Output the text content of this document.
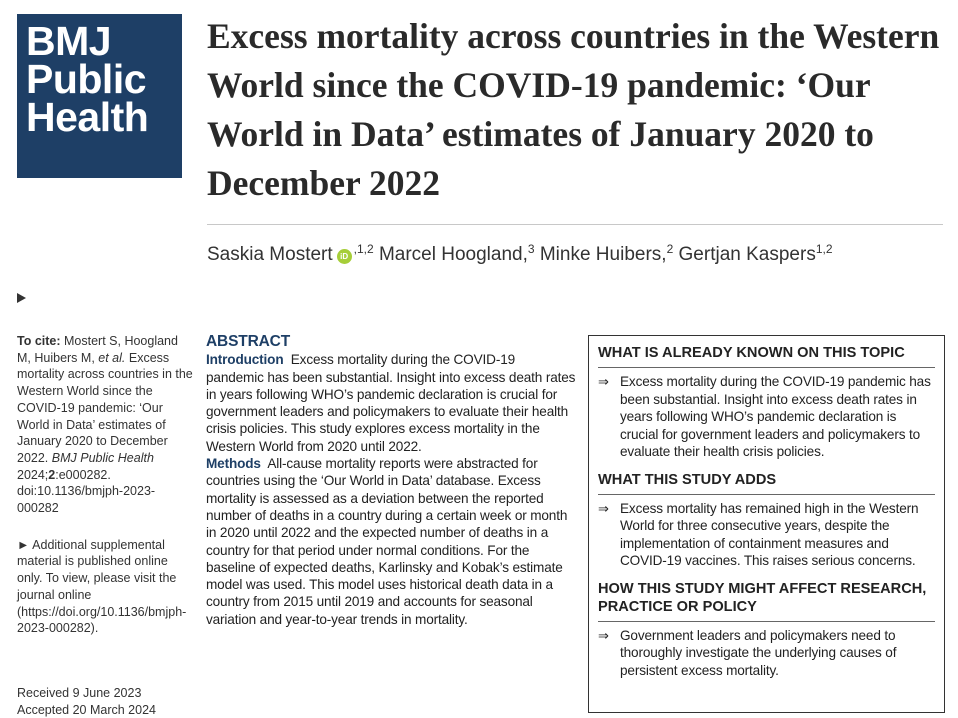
BMJ
Public
Health
Excess mortality across countries in the Western World since the COVID-19 pandemic: ‘Our World in Data’ estimates of January 2020 to December 2022
Saskia Mostert $iD^{,1,2}$ Marcel Hoogland,$^3$ Minke Huibers,$^2$ Gertjan Kaspers$^{1,2}$

To cite: Mostert S, Hoogland M, Huibers M, et al. Excess mortality across countries in the Western World since the COVID-19 pandemic: ‘Our World in Data’ estimates of January 2020 to December 2022. BMJ Public Health 2024;2:e000282. doi:10.1136/bmjph-2023-000282

► Additional supplemental material is published online only. To view, please visit the journal online (https://doi.org/10.1136/bmjph-2023-000282).

Received 9 June 2023
Accepted 20 March 2024

ABSTRACT

Introduction Excess mortality during the COVID-19 pandemic has been substantial. Insight into excess death rates in years following WHO’s pandemic declaration is crucial for government leaders and policymakers to evaluate their health crisis policies. This study explores excess mortality in the Western World from 2020 until 2022.

Methods All-cause mortality reports were abstracted for countries using the ‘Our World in Data’ database. Excess mortality is assessed as a deviation between the reported number of deaths in a country during a certain week or month in 2020 until 2022 and the expected number of deaths in a country for that period under normal conditions. For the baseline of expected deaths, Karlinsky and Kobak’s estimate model was used. This model uses historical death data in a country from 2015 until 2019 and accounts for seasonal variation and year-to-year trends in mortality.

WHAT IS ALREADY KNOWN ON THIS TOPIC
⇒ Excess mortality during the COVID-19 pandemic has been substantial. Insight into excess death rates in years following WHO’s pandemic declaration is crucial for government leaders and policymakers to evaluate their health crisis policies.
WHAT THIS STUDY ADDS
⇒ Excess mortality has remained high in the Western World for three consecutive years, despite the implementation of containment measures and COVID-19 vaccines. This raises serious concerns.
HOW THIS STUDY MIGHT AFFECT RESEARCH, PRACTICE OR POLICY
⇒ Government leaders and policymakers need to thoroughly investigate the underlying causes of persistent excess mortality.
